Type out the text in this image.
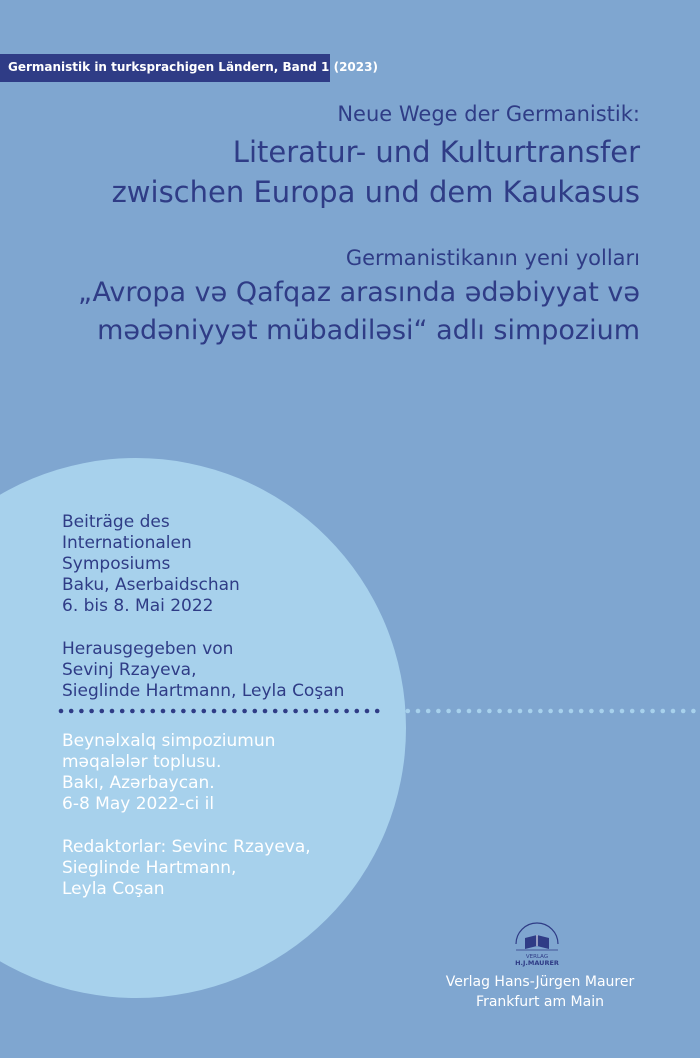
Germanistik in turksprachigen Ländern, Band 1 (2023)
Neue Wege der Germanistik:
Literatur- und Kulturtransfer
zwischen Europa und dem Kaukasus
Germanistikanın yeni yolları
„Avropa və Qafqaz arasında ədəbiyyat və
mədəniyyət mübadiləsi“ adlı simpozium
Beiträge des
Internationalen
Symposiums
Baku, Aserbaidschan
6. bis 8. Mai 2022
Herausgegeben von
Sevinj Rzayeva,
Sieglinde Hartmann, Leyla Coşan
Beynəlxalq simpoziumun
məqalələr toplusu.
Bakı, Azərbaycan.
6-8 May 2022-ci il
Redaktorlar: Sevinc Rzayeva,
Sieglinde Hartmann,
Leyla Coşan
VERLAG
H.J.MAURER
Verlag Hans-Jürgen Maurer
Frankfurt am Main
